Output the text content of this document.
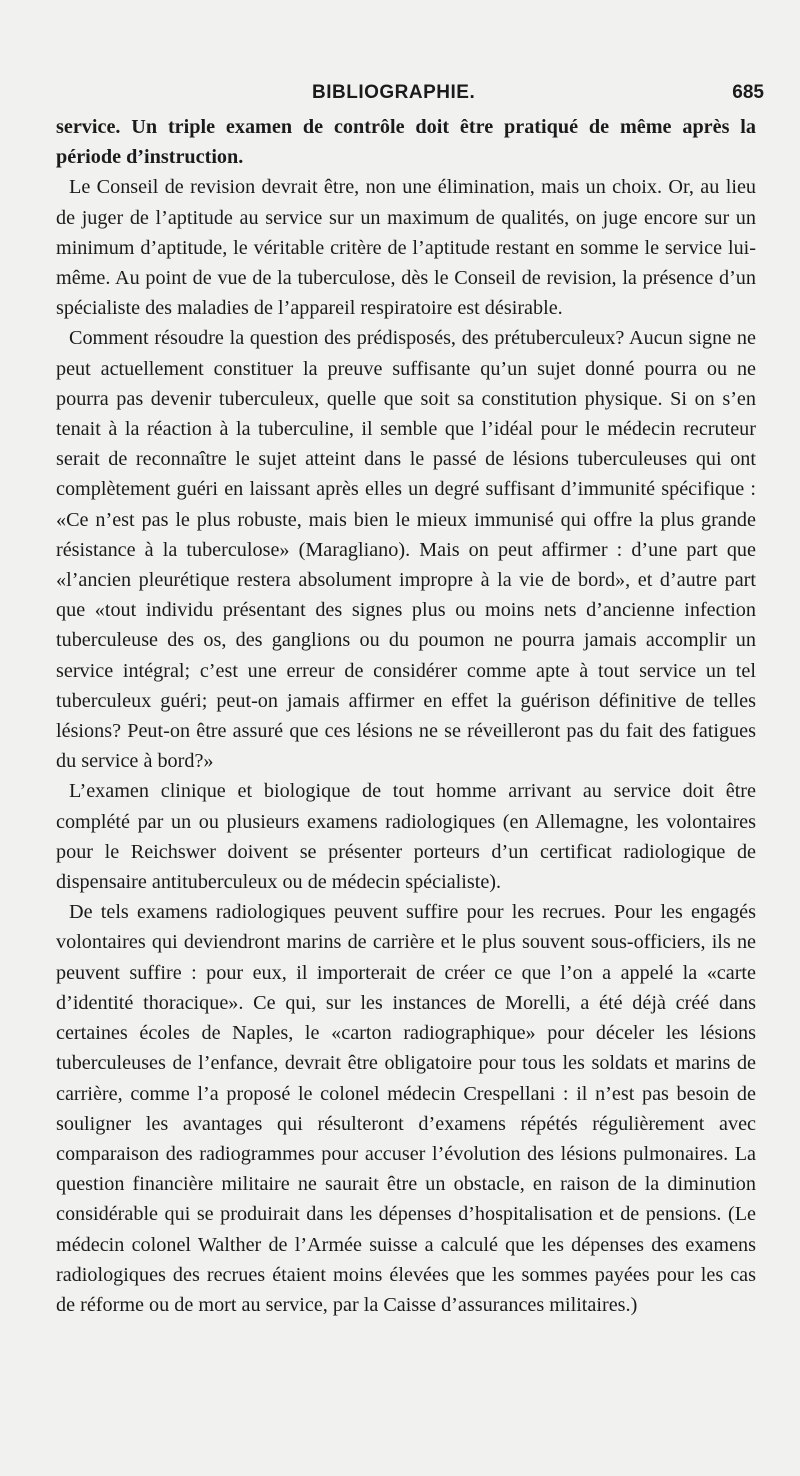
BIBLIOGRAPHIE.	685

service. Un triple examen de contrôle doit être pratiqué de même après la période d’instruction.

Le Conseil de revision devrait être, non une élimination, mais un choix. Or, au lieu de juger de l’aptitude au service sur un maximum de qualités, on juge encore sur un minimum d’aptitude, le véritable critère de l’aptitude restant en somme le service lui-même. Au point de vue de la tuberculose, dès le Conseil de revision, la présence d’un spécialiste des maladies de l’appareil respiratoire est désirable.

Comment résoudre la question des prédisposés, des prétuberculeux? Aucun signe ne peut actuellement constituer la preuve suffisante qu’un sujet donné pourra ou ne pourra pas devenir tuberculeux, quelle que soit sa constitution physique. Si on s’en tenait à la réaction à la tuberculine, il semble que l’idéal pour le médecin recruteur serait de reconnaître le sujet atteint dans le passé de lésions tuberculeuses qui ont complètement guéri en laissant après elles un degré suffisant d’immunité spécifique : «Ce n’est pas le plus robuste, mais bien le mieux immunisé qui offre la plus grande résistance à la tuberculose» (Maragliano). Mais on peut affirmer : d’une part que «l’ancien pleurétique restera absolument impropre à la vie de bord», et d’autre part que «tout individu présentant des signes plus ou moins nets d’ancienne infection tuberculeuse des os, des ganglions ou du poumon ne pourra jamais accomplir un service intégral; c’est une erreur de considérer comme apte à tout service un tel tuberculeux guéri; peut-on jamais affirmer en effet la guérison définitive de telles lésions? Peut-on être assuré que ces lésions ne se réveilleront pas du fait des fatigues du service à bord?»

L’examen clinique et biologique de tout homme arrivant au service doit être complété par un ou plusieurs examens radiologiques (en Allemagne, les volontaires pour le Reichswer doivent se présenter porteurs d’un certificat radiologique de dispensaire antituberculeux ou de médecin spécialiste).

De tels examens radiologiques peuvent suffire pour les recrues. Pour les engagés volontaires qui deviendront marins de carrière et le plus souvent sous-officiers, ils ne peuvent suffire : pour eux, il importerait de créer ce que l’on a appelé la «carte d’identité thoracique». Ce qui, sur les instances de Morelli, a été déjà créé dans certaines écoles de Naples, le «carton radiographique» pour déceler les lésions tuberculeuses de l’enfance, devrait être obligatoire pour tous les soldats et marins de carrière, comme l’a proposé le colonel médecin Crespellani : il n’est pas besoin de souligner les avantages qui résulteront d’examens répétés régulièrement avec comparaison des radiogrammes pour accuser l’évolution des lésions pulmonaires. La question financière militaire ne saurait être un obstacle, en raison de la diminution considérable qui se produirait dans les dépenses d’hospitalisation et de pensions. (Le médecin colonel Walther de l’Armée suisse a calculé que les dépenses des examens radiologiques des recrues étaient moins élevées que les sommes payées pour les cas de réforme ou de mort au service, par la Caisse d’assurances militaires.)
